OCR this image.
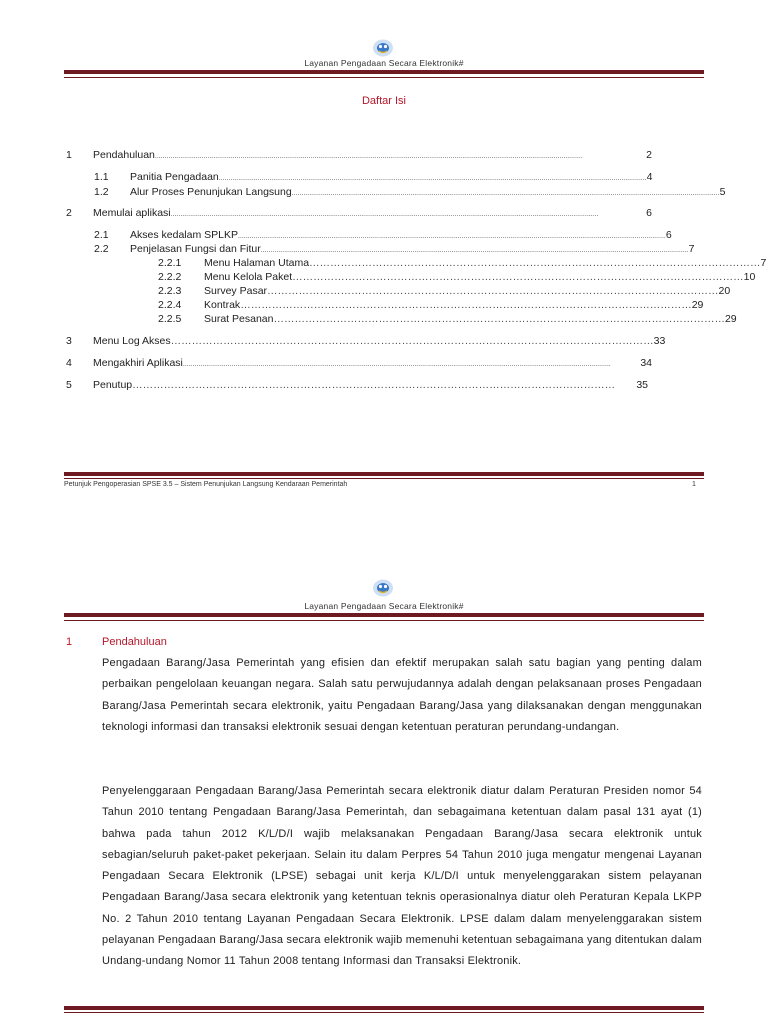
Layanan Pengadaan Secara Elektronik#
Daftar Isi
1	Pendahuluan ............................................................................................................................................................................................................................	2
1.1	Panitia Pengadaan ............................................................................................................................................................................................................................ 4
1.2	Alur Proses Penunjukan Langsung ............................................................................................................................................................................................................................ 5
2	Memulai aplikasi ............................................................................................................................................................................................................................	6
2.1	Akses kedalam SPLKP ............................................................................................................................................................................................................................ 6
2.2	Penjelasan Fungsi dan Fitur ............................................................................................................................................................................................................................ 7
2.2.1	Menu Halaman Utama ………………………………………………………………………………………………………………… 7
2.2.2	Menu Kelola Paket ………………………………………………………………………………………………………………… 10
2.2.3	Survey Pasar ………………………………………………………………………………………………………………… 20
2.2.4	Kontrak ………………………………………………………………………………………………………………… 29
2.2.5	Surat Pesanan ………………………………………………………………………………………………………………… 29
3	Menu Log Akses ………………………………………………………………………………………………………………………… 33
4	Mengakhiri Aplikasi ............................................................................................................................................................................................................................	34
5	Penutup …………………………………………………………………………………………………………………………	35
Petunjuk Pengoperasian SPSE 3.5 – Sistem Penunjukan Langsung Kendaraan Pemerintah	1
Layanan Pengadaan Secara Elektronik#
1	Pendahuluan
Pengadaan Barang/Jasa Pemerintah yang efisien dan efektif merupakan salah satu bagian yang penting dalam perbaikan pengelolaan keuangan negara. Salah satu perwujudannya adalah dengan pelaksanaan proses Pengadaan Barang/Jasa Pemerintah secara elektronik, yaitu Pengadaan Barang/Jasa yang dilaksanakan dengan menggunakan teknologi informasi dan transaksi elektronik sesuai dengan ketentuan peraturan perundang-undangan.
Penyelenggaraan Pengadaan Barang/Jasa Pemerintah secara elektronik diatur dalam Peraturan Presiden nomor 54 Tahun 2010 tentang Pengadaan Barang/Jasa Pemerintah, dan sebagaimana ketentuan dalam pasal 131 ayat (1) bahwa pada tahun 2012 K/L/D/I wajib melaksanakan Pengadaan Barang/Jasa secara elektronik untuk sebagian/seluruh paket-paket pekerjaan. Selain itu dalam Perpres 54 Tahun 2010 juga mengatur mengenai Layanan Pengadaan Secara Elektronik (LPSE) sebagai unit kerja K/L/D/I untuk menyelenggarakan sistem pelayanan Pengadaan Barang/Jasa secara elektronik yang ketentuan teknis operasionalnya diatur oleh Peraturan Kepala LKPP No. 2 Tahun 2010 tentang Layanan Pengadaan Secara Elektronik. LPSE dalam dalam menyelenggarakan sistem pelayanan Pengadaan Barang/Jasa secara elektronik wajib memenuhi ketentuan sebagaimana yang ditentukan dalam Undang-undang Nomor 11 Tahun 2008 tentang Informasi dan Transaksi Elektronik.
